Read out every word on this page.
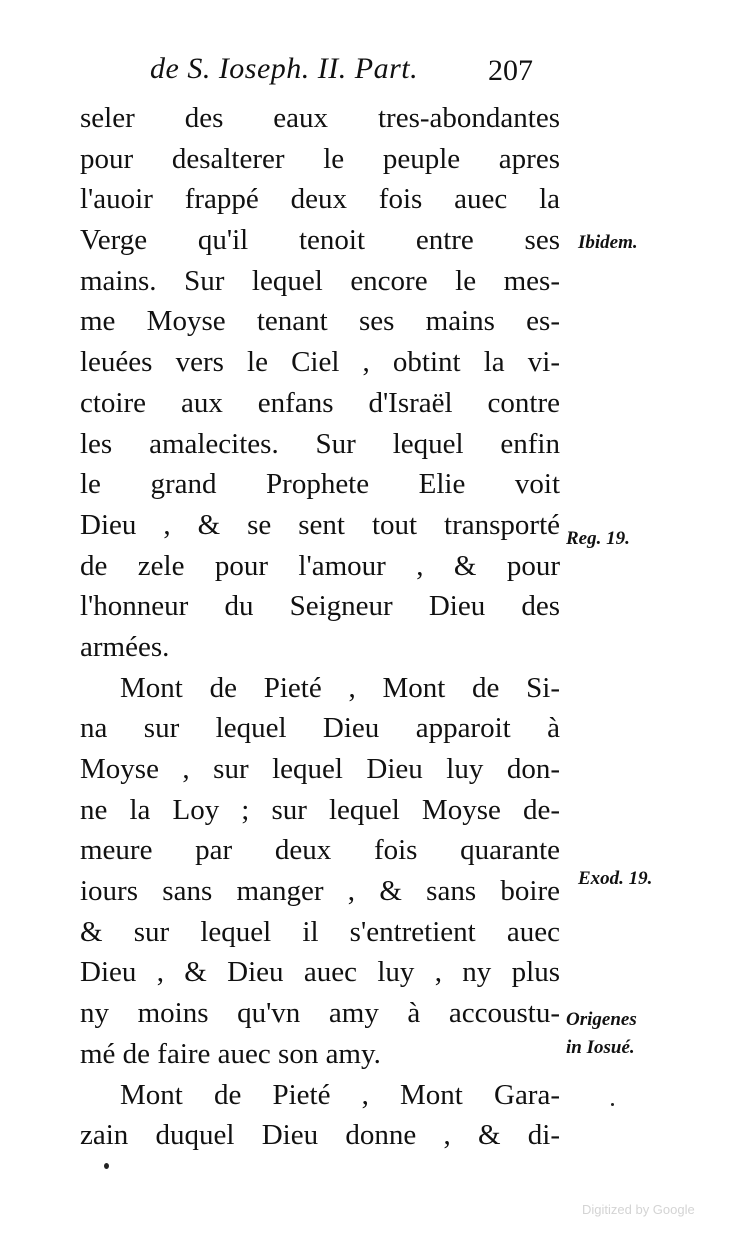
de S. Ioseph. II. Part. 207
seler des eaux tres-abondantes
pour desalterer le peuple apres
l'auoir frappé deux fois auec la
Verge qu'il tenoit entre ses
mains. Sur lequel encore le mes-
me Moyse tenant ses mains es-
leuées vers le Ciel , obtint la vi-
ctoire aux enfans d'Israël contre
les amalecites. Sur lequel enfin
le grand Prophete Elie voit
Dieu , & se sent tout transporté
de zele pour l'amour , & pour
l'honneur du Seigneur Dieu des
armées.
Mont de Pieté , Mont de Si-
na sur lequel Dieu apparoit à
Moyse , sur lequel Dieu luy don-
ne la Loy ; sur lequel Moyse de-
meure par deux fois quarante
iours sans manger , & sans boire
& sur lequel il s'entretient auec
Dieu , & Dieu auec luy , ny plus
ny moins qu'vn amy à accoustu-
mé de faire auec son amy.
Mont de Pieté , Mont Gara-
zain duquel Dieu donne , & di-
Ibidem.
Reg. 19.
Exod. 19.
Origenes
in Iosué.
Digitized by Google
